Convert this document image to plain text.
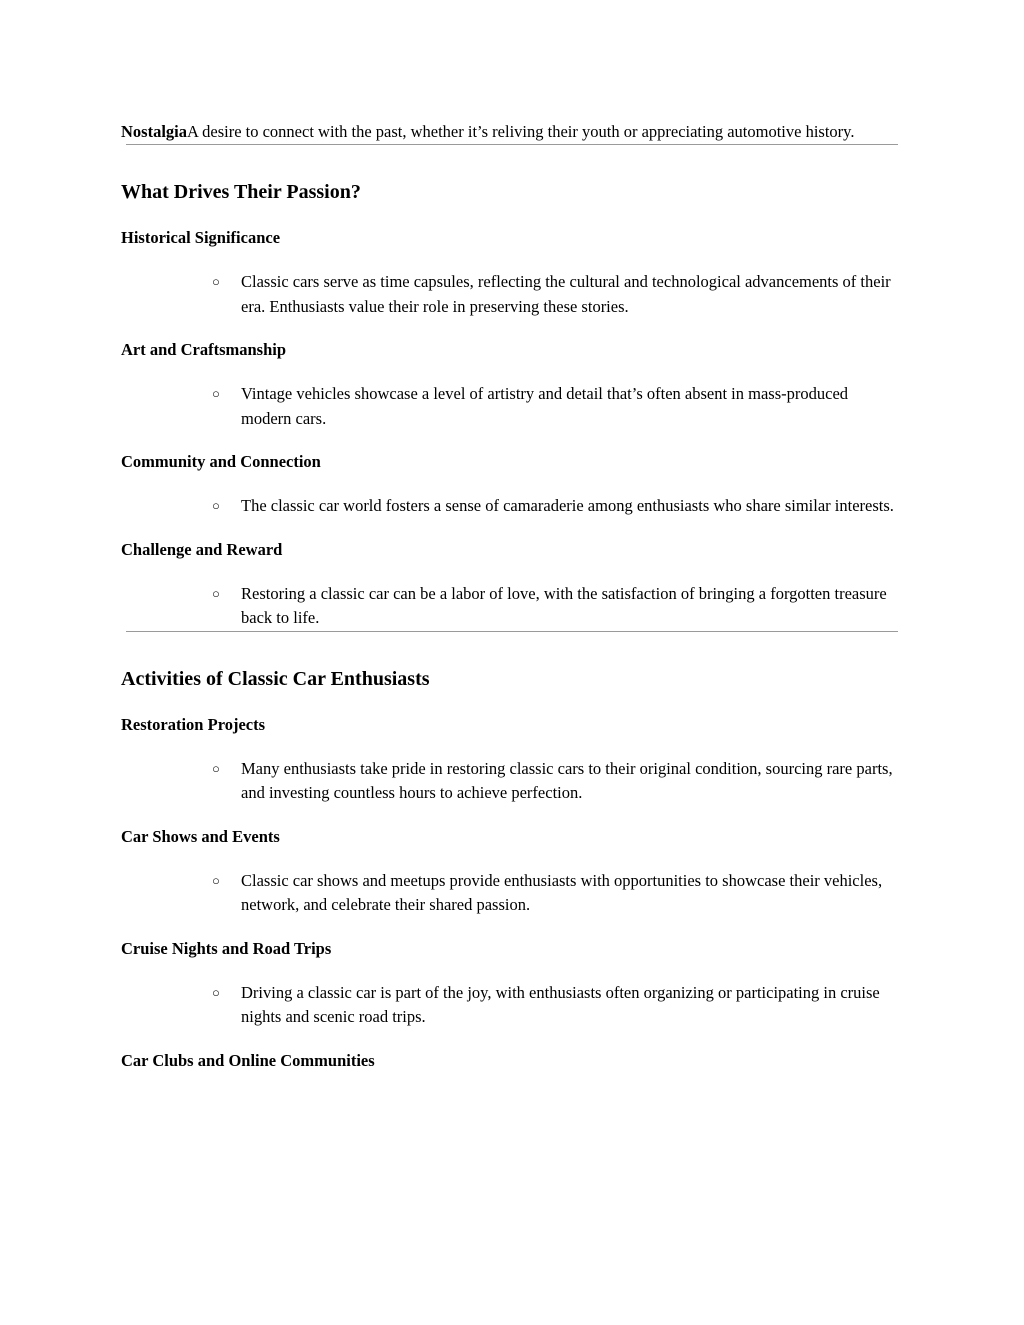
NostalgiaA desire to connect with the past, whether it’s reliving their youth or appreciating automotive history.

What Drives Their Passion?
Historical Significance
○ Classic cars serve as time capsules, reflecting the cultural and technological advancements of their era. Enthusiasts value their role in preserving these stories.
Art and Craftsmanship
○ Vintage vehicles showcase a level of artistry and detail that’s often absent in mass-produced modern cars.
Community and Connection
○ The classic car world fosters a sense of camaraderie among enthusiasts who share similar interests.
Challenge and Reward
○ Restoring a classic car can be a labor of love, with the satisfaction of bringing a forgotten treasure back to life.
Activities of Classic Car Enthusiasts
Restoration Projects
○ Many enthusiasts take pride in restoring classic cars to their original condition, sourcing rare parts, and investing countless hours to achieve perfection.
Car Shows and Events
○ Classic car shows and meetups provide enthusiasts with opportunities to showcase their vehicles, network, and celebrate their shared passion.
Cruise Nights and Road Trips
○ Driving a classic car is part of the joy, with enthusiasts often organizing or participating in cruise nights and scenic road trips.
Car Clubs and Online Communities
